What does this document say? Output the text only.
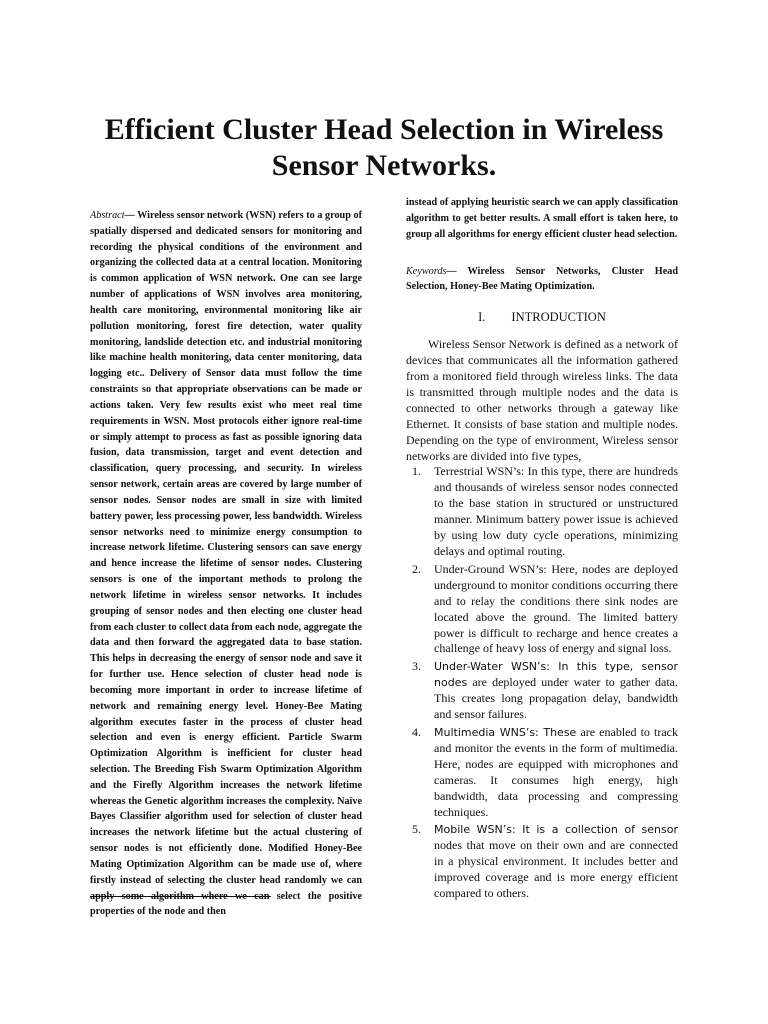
Efficient Cluster Head Selection in Wireless Sensor Networks.

Abstract— Wireless sensor network (WSN) refers to a group of spatially dispersed and dedicated sensors for monitoring and recording the physical conditions of the environment and organizing the collected data at a central location. Monitoring is common application of WSN network. One can see large number of applications of WSN involves area monitoring, health care monitoring, environmental monitoring like air pollution monitoring, forest fire detection, water quality monitoring, landslide detection etc. and industrial monitoring like machine health monitoring, data center monitoring, data logging etc.. Delivery of Sensor data must follow the time constraints so that appropriate observations can be made or actions taken. Very few results exist who meet real time requirements in WSN. Most protocols either ignore real-time or simply attempt to process as fast as possible ignoring data fusion, data transmission, target and event detection and classification, query processing, and security. In wireless sensor network, certain areas are covered by large number of sensor nodes. Sensor nodes are small in size with limited battery power, less processing power, less bandwidth. Wireless sensor networks need to minimize energy consumption to increase network lifetime. Clustering sensors can save energy and hence increase the lifetime of sensor nodes. Clustering sensors is one of the important methods to prolong the network lifetime in wireless sensor networks. It includes grouping of sensor nodes and then electing one cluster head from each cluster to collect data from each node, aggregate the data and then forward the aggregated data to base station. This helps in decreasing the energy of sensor node and save it for further use. Hence selection of cluster head node is becoming more important in order to increase lifetime of network and remaining energy level. Honey-Bee Mating algorithm executes faster in the process of cluster head selection and even is energy efficient. Particle Swarm Optimization Algorithm is inefficient for cluster head selection. The Breeding Fish Swarm Optimization Algorithm and the Firefly Algorithm increases the network lifetime whereas the Genetic algorithm increases the complexity. Naïve Bayes Classifier algorithm used for selection of cluster head increases the network lifetime but the actual clustering of sensor nodes is not efficiently done. Modified Honey-Bee Mating Optimization Algorithm can be made use of, where firstly instead of selecting the cluster head randomly we can apply some algorithm where we can select the positive properties of the node and then

instead of applying heuristic search we can apply classification algorithm to get better results. A small effort is taken here, to group all algorithms for energy efficient cluster head selection.

Keywords— Wireless Sensor Networks, Cluster Head Selection, Honey-Bee Mating Optimization.

I. INTRODUCTION

Wireless Sensor Network is defined as a network of devices that communicates all the information gathered from a monitored field through wireless links. The data is transmitted through multiple nodes and the data is connected to other networks through a gateway like Ethernet. It consists of base station and multiple nodes. Depending on the type of environment, Wireless sensor networks are divided into five types,

1. Terrestrial WSN’s: In this type, there are hundreds and thousands of wireless sensor nodes connected to the base station in structured or unstructured manner. Minimum battery power issue is achieved by using low duty cycle operations, minimizing delays and optimal routing.
2. Under-Ground WSN’s: Here, nodes are deployed underground to monitor conditions occurring there and to relay the conditions there sink nodes are located above the ground. The limited battery power is difficult to recharge and hence creates a challenge of heavy loss of energy and signal loss.
3. Under-Water WSN’s: In this type, sensor nodes are deployed under water to gather data. This creates long propagation delay, bandwidth and sensor failures.
4. Multimedia WNS’s: These are enabled to track and monitor the events in the form of multimedia. Here, nodes are equipped with microphones and cameras. It consumes high energy, high bandwidth, data processing and compressing techniques.
5. Mobile WSN’s: It is a collection of sensor nodes that move on their own and are connected in a physical environment. It includes better and improved coverage and is more energy efficient compared to others.
